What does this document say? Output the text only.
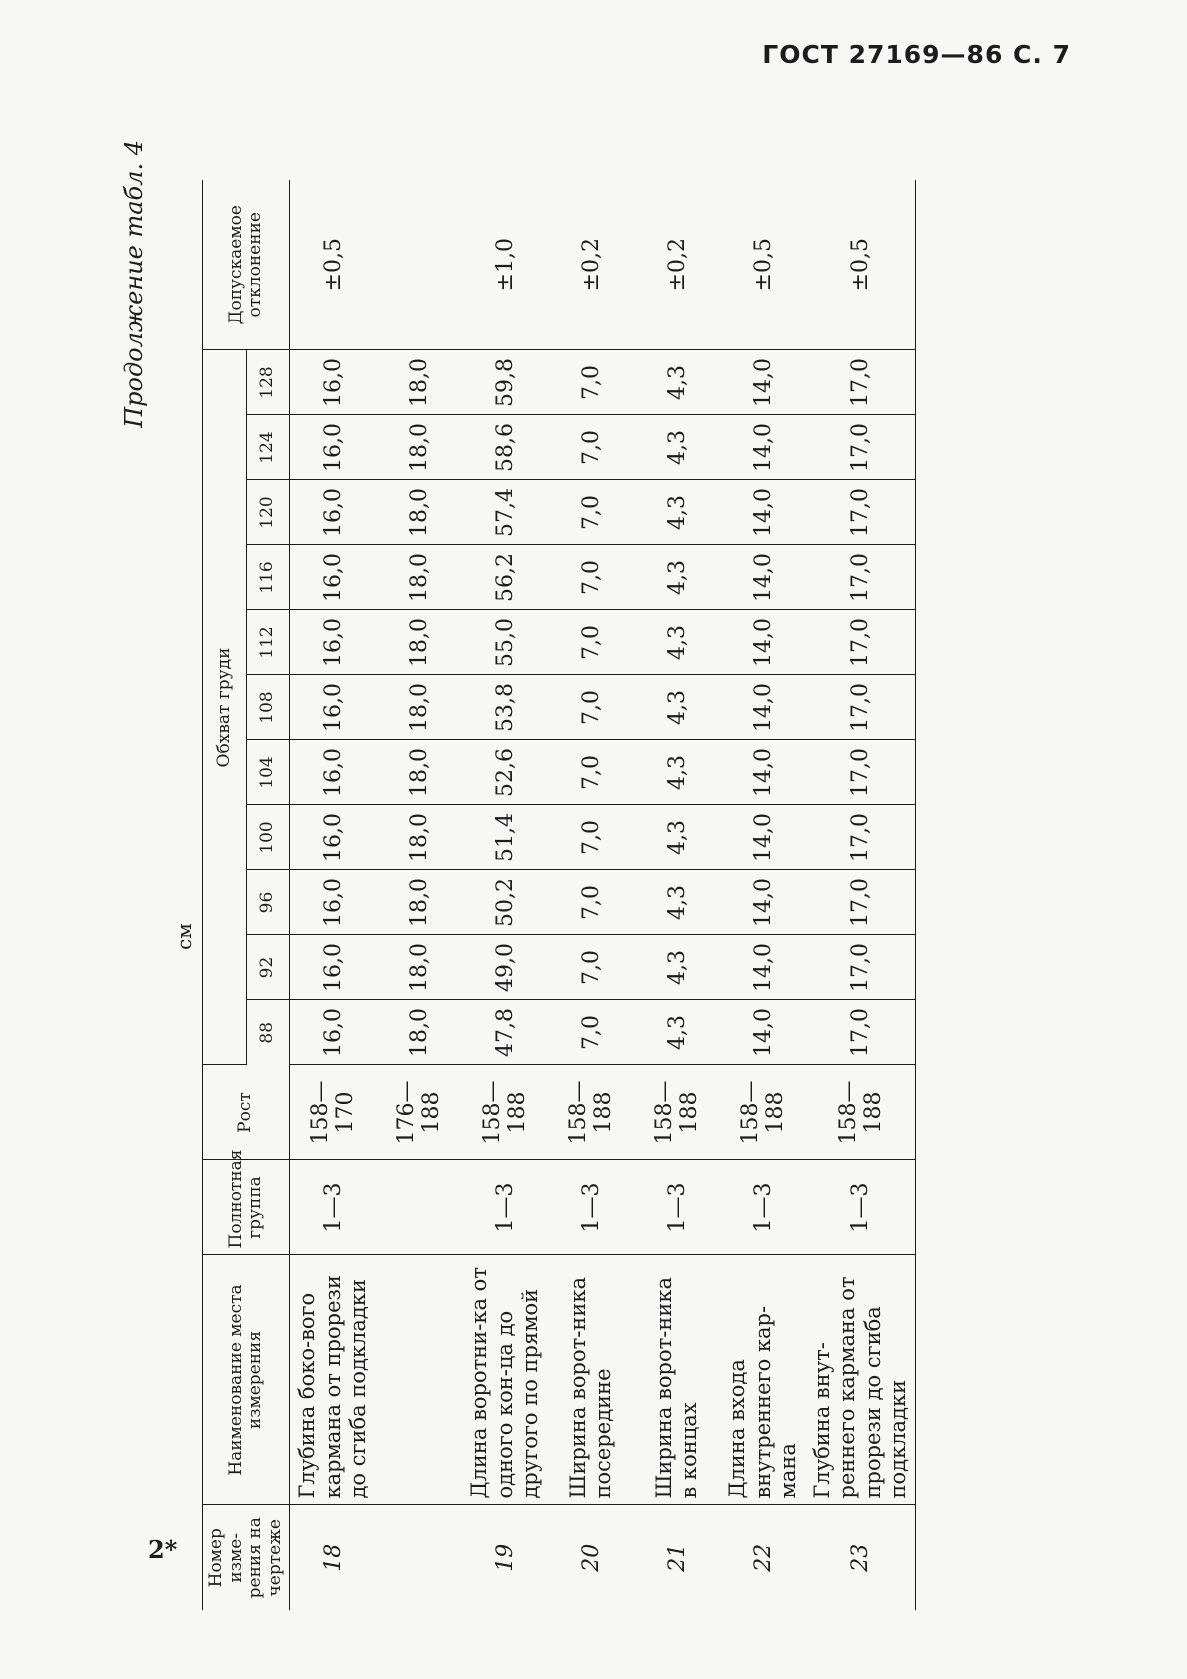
ГОСТ 27169—86 С. 7
2*
Продолжение табл. 4
см
Номер изме-рения на чертеже	Наименование места измерения	Полнотная группа	Рост	Обхват груди											Допускаемое отклонение
				88	92	96	100	104	108	112	116	120	124	128	
18	Глубина боко-вого кармана от прорези до сгиба подкладки	1—3	158—170	16,0	16,0	16,0	16,0	16,0	16,0	16,0	16,0	16,0	16,0	16,0	±0,5
			176—188	18,0	18,0	18,0	18,0	18,0	18,0	18,0	18,0	18,0	18,0	18,0	
19	Длина воротни-ка от одного кон-ца до другого по прямой	1—3	158—188	47,8	49,0	50,2	51,4	52,6	53,8	55,0	56,2	57,4	58,6	59,8	±1,0
20	Ширина ворот-ника посередине	1—3	158—188	7,0	7,0	7,0	7,0	7,0	7,0	7,0	7,0	7,0	7,0	7,0	±0,2
21	Ширина ворот-ника в концах	1—3	158—188	4,3	4,3	4,3	4,3	4,3	4,3	4,3	4,3	4,3	4,3	4,3	±0,2
22	Длина входа внутреннего кар-мана	1—3	158—188	14,0	14,0	14,0	14,0	14,0	14,0	14,0	14,0	14,0	14,0	14,0	±0,5
23	Глубина внут-реннего кармана от прорези до сгиба подкладки	1—3	158—188	17,0	17,0	17,0	17,0	17,0	17,0	17,0	17,0	17,0	17,0	17,0	±0,5
